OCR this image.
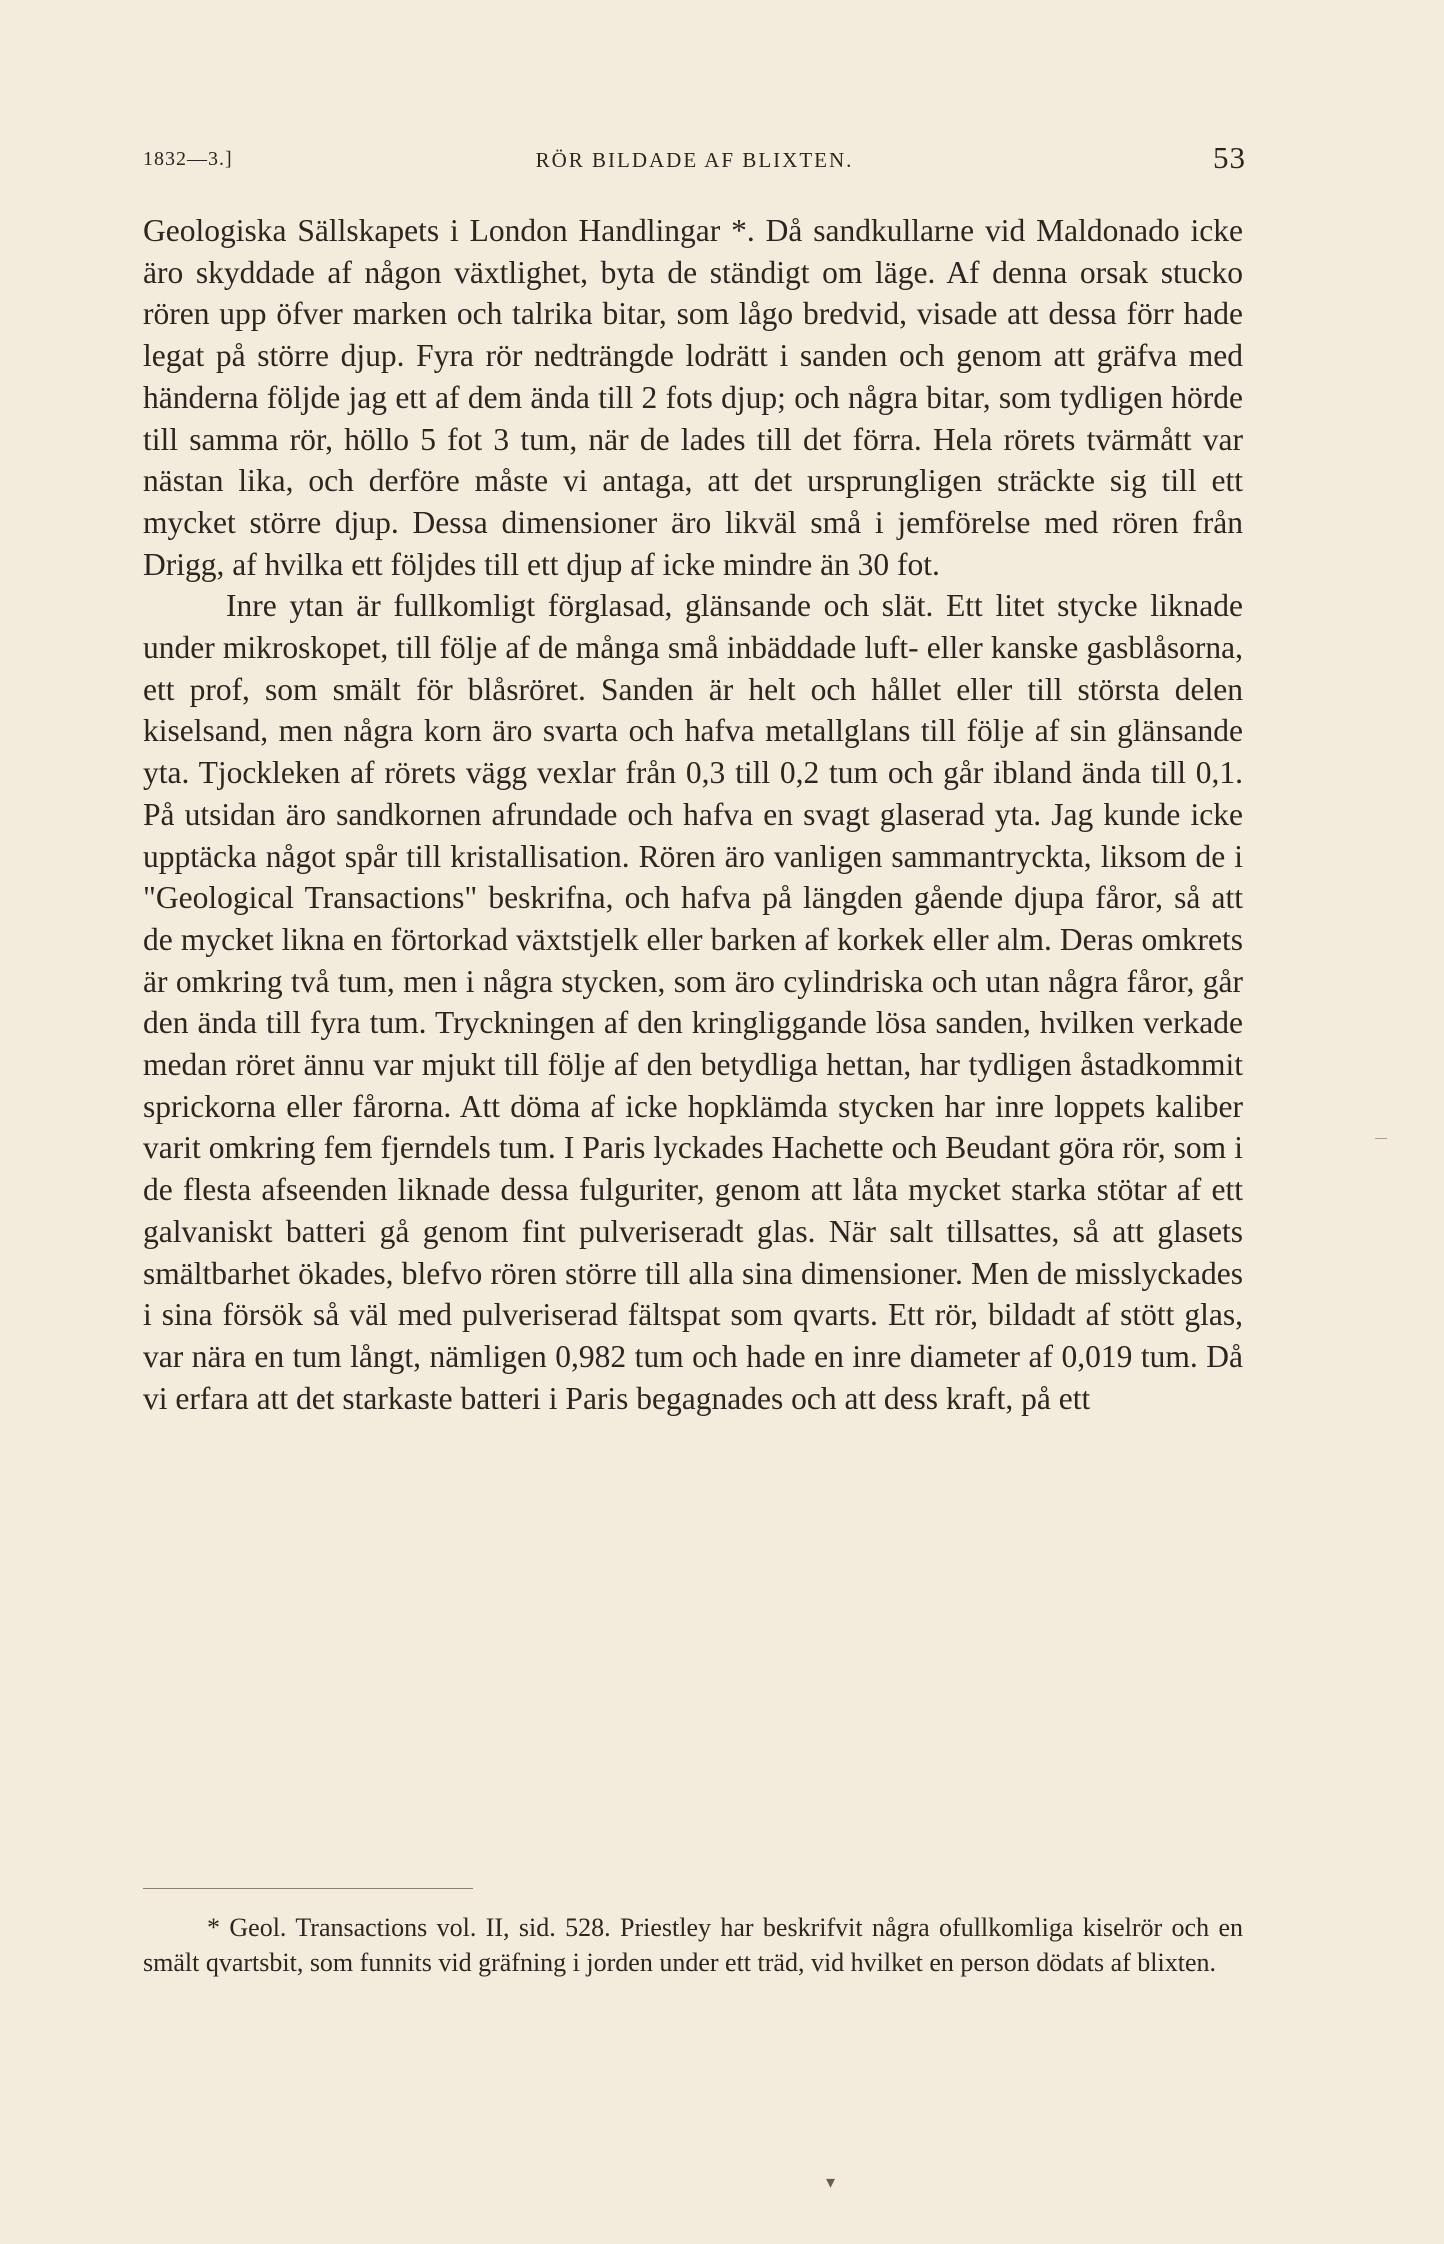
1832—3.]	RÖR BILDADE AF BLIXTEN.	53

Geologiska Sällskapets i London Handlingar *. Då sandkullarne vid Maldonado icke äro skyddade af någon växtlighet, byta de ständigt om läge. Af denna orsak stucko rören upp öfver marken och talrika bitar, som lågo bredvid, visade att dessa förr hade legat på större djup. Fyra rör nedträngde lodrätt i sanden och genom att gräfva med händerna följde jag ett af dem ända till 2 fots djup; och några bitar, som tydligen hörde till samma rör, höllo 5 fot 3 tum, när de lades till det förra. Hela rörets tvärmått var nästan lika, och derföre måste vi antaga, att det ursprungligen sträckte sig till ett mycket större djup. Dessa dimensioner äro likväl små i jemförelse med rören från Drigg, af hvilka ett följdes till ett djup af icke mindre än 30 fot.

Inre ytan är fullkomligt förglasad, glänsande och slät. Ett litet stycke liknade under mikroskopet, till följe af de många små inbäddade luft- eller kanske gasblåsorna, ett prof, som smält för blåsröret. Sanden är helt och hållet eller till största delen kiselsand, men några korn äro svarta och hafva metallglans till följe af sin glänsande yta. Tjockleken af rörets vägg vexlar från 0,3 till 0,2 tum och går ibland ända till 0,1. På utsidan äro sandkornen afrundade och hafva en svagt glaserad yta. Jag kunde icke upptäcka något spår till kristallisation. Rören äro vanligen sammantryckta, liksom de i "Geological Transactions" beskrifna, och hafva på längden gående djupa fåror, så att de mycket likna en förtorkad växtstjelk eller barken af korkek eller alm. Deras omkrets är omkring två tum, men i några stycken, som äro cylindriska och utan några fåror, går den ända till fyra tum. Tryckningen af den kringliggande lösa sanden, hvilken verkade medan röret ännu var mjukt till följe af den betydliga hettan, har tydligen åstadkommit sprickorna eller fårorna. Att döma af icke hopklämda stycken har inre loppets kaliber varit omkring fem fjerndels tum. I Paris lyckades Hachette och Beudant göra rör, som i de flesta afseenden liknade dessa fulguriter, genom att låta mycket starka stötar af ett galvaniskt batteri gå genom fint pulveriseradt glas. När salt tillsattes, så att glasets smältbarhet ökades, blefvo rören större till alla sina dimensioner. Men de misslyckades i sina försök så väl med pulveriserad fältspat som qvarts. Ett rör, bildadt af stött glas, var nära en tum långt, nämligen 0,982 tum och hade en inre diameter af 0,019 tum. Då vi erfara att det starkaste batteri i Paris begagnades och att dess kraft, på ett

* Geol. Transactions vol. II, sid. 528. Priestley har beskrifvit några ofullkomliga kiselrör och en smält qvartsbit, som funnits vid gräfning i jorden under ett träd, vid hvilket en person dödats af blixten.

▾
